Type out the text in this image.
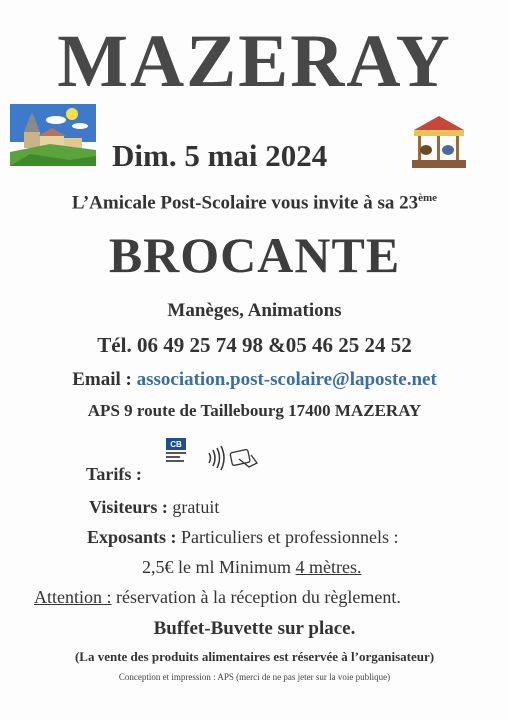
MAZERAY
Dim. 5 mai 2024
L’Amicale Post-Scolaire vous invite à sa 23ème
BROCANTE
Manèges, Animations
Tél. 06 49 25 74 98 &05 46 25 24 52
Email : association.post-scolaire@laposte.net
APS 9 route de Taillebourg 17400 MAZERAY
CB
Tarifs :
Visiteurs : gratuit
Exposants : Particuliers et professionnels :
2,5€ le ml Minimum 4 mètres.
Attention : réservation à la réception du règlement.
Buffet-Buvette sur place.
(La vente des produits alimentaires est réservée à l’organisateur)
Conception et impression : APS (merci de ne pas jeter sur la voie publique)
